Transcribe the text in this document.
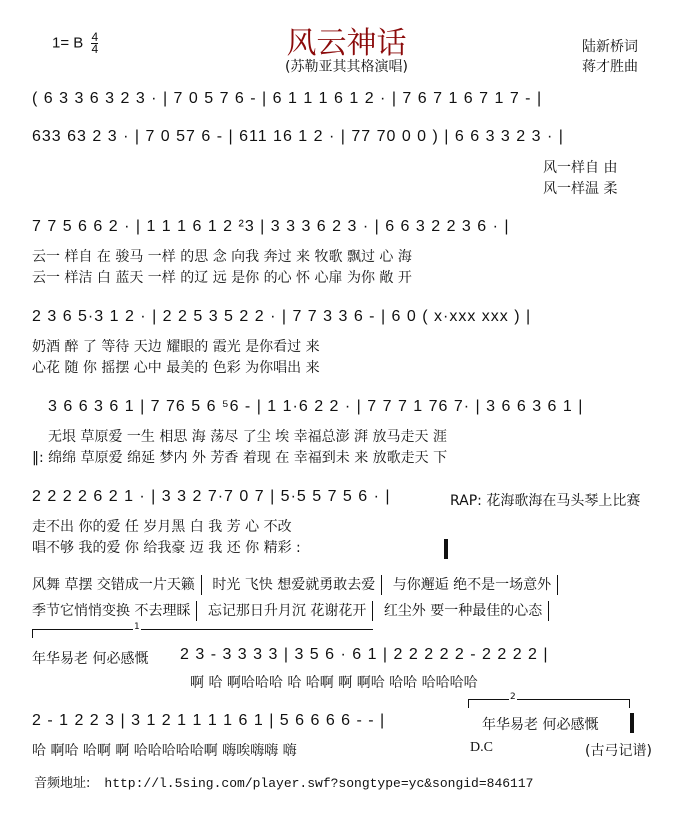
1= B $\frac{4}{4}$	风云神话
(苏勒亚其其格演唱)
陆新桥词
蒋才胜曲
( 6 3 3 6 3 2 3 · | 7 0 5 7 6 - | 6 1 1 1 6 1 2 · | 7 6 7 1 6 7 1 7 - |
633 63 2 3 · | 7 0 57 6 - | 611 16 1 2 · | 77 70 0 0 ) | 6 6 3 3 2 3 · |
风一样自 由
风一样温 柔
7 7 5 6 6 2 · | 1 1 1 6 1 2 ²3 | 3 3 3 6 2 3 · | 6 6 3 2 2 3 6 · |
云一 样自 在 骏马 一样 的思 念 向我 奔过 来 牧歌 飘过 心 海
云一 样洁 白 蓝天 一样 的辽 远 是你 的心 怀 心扉 为你 敞 开
2 3 6 5·3 1 2 · | 2 2 5 3 5 2 2 · | 7 7 3 3 6 - | 6 0 ( x·xxx xxx ) |
奶酒 醉 了 等待 天边 耀眼的 霞光 是你看过 来
心花 随 你 摇摆 心中 最美的 色彩 为你唱出 来
3 6 6 3 6 1 | 7 76 5 6 ⁵6 - | 1 1·6 2 2 · | 7 7 7 1 76 7· | 3 6 6 3 6 1 |
无垠 草原爱 一生 相思 海 荡尽 了尘 埃 幸福总澎 湃 放马走天 涯
‖: 绵绵 草原爱 绵延 梦内 外 芳香 着现 在 幸福到未 来 放歌走天 下
2 2 2 2 6 2 1 · | 3 3 2 7·7 0 7 | 5·5 5 7 5 6 · |	RAP: 花海歌海在马头琴上比赛
走不出 你的爱 任 岁月黑 白 我 芳 心 不改
唱不够 我的爱 你 给我豪 迈 我 还 你 精彩 :
风舞 草摆 交错成一片天籁 时光 飞快 想爱就勇敢去爱 与你邂逅 绝不是一场意外
季节它悄悄变换 不去理睬 忘记那日升月沉 花谢花开 红尘外 要一种最佳的心态
1
年华易老 何必感慨 2 3 - 3 3 3 3 | 3 5 6 · 6 1 | 2 2 2 2 2 - 2 2 2 2 |
啊 哈 啊哈哈哈 哈 哈啊 啊 啊哈 哈哈 哈哈哈哈
2
2 - 1 2 2 3 | 3 1 2 1 1 1 1 6 1 | 5 6 6 6 6 - - |	年华易老 何必感慨
哈 啊哈 哈啊 啊 哈哈哈哈哈啊 嗨唉嗨嗨 嗨	D.C	(古弓记谱)
音频地址: http://l.5sing.com/player.swf?songtype=yc&songid=846117
